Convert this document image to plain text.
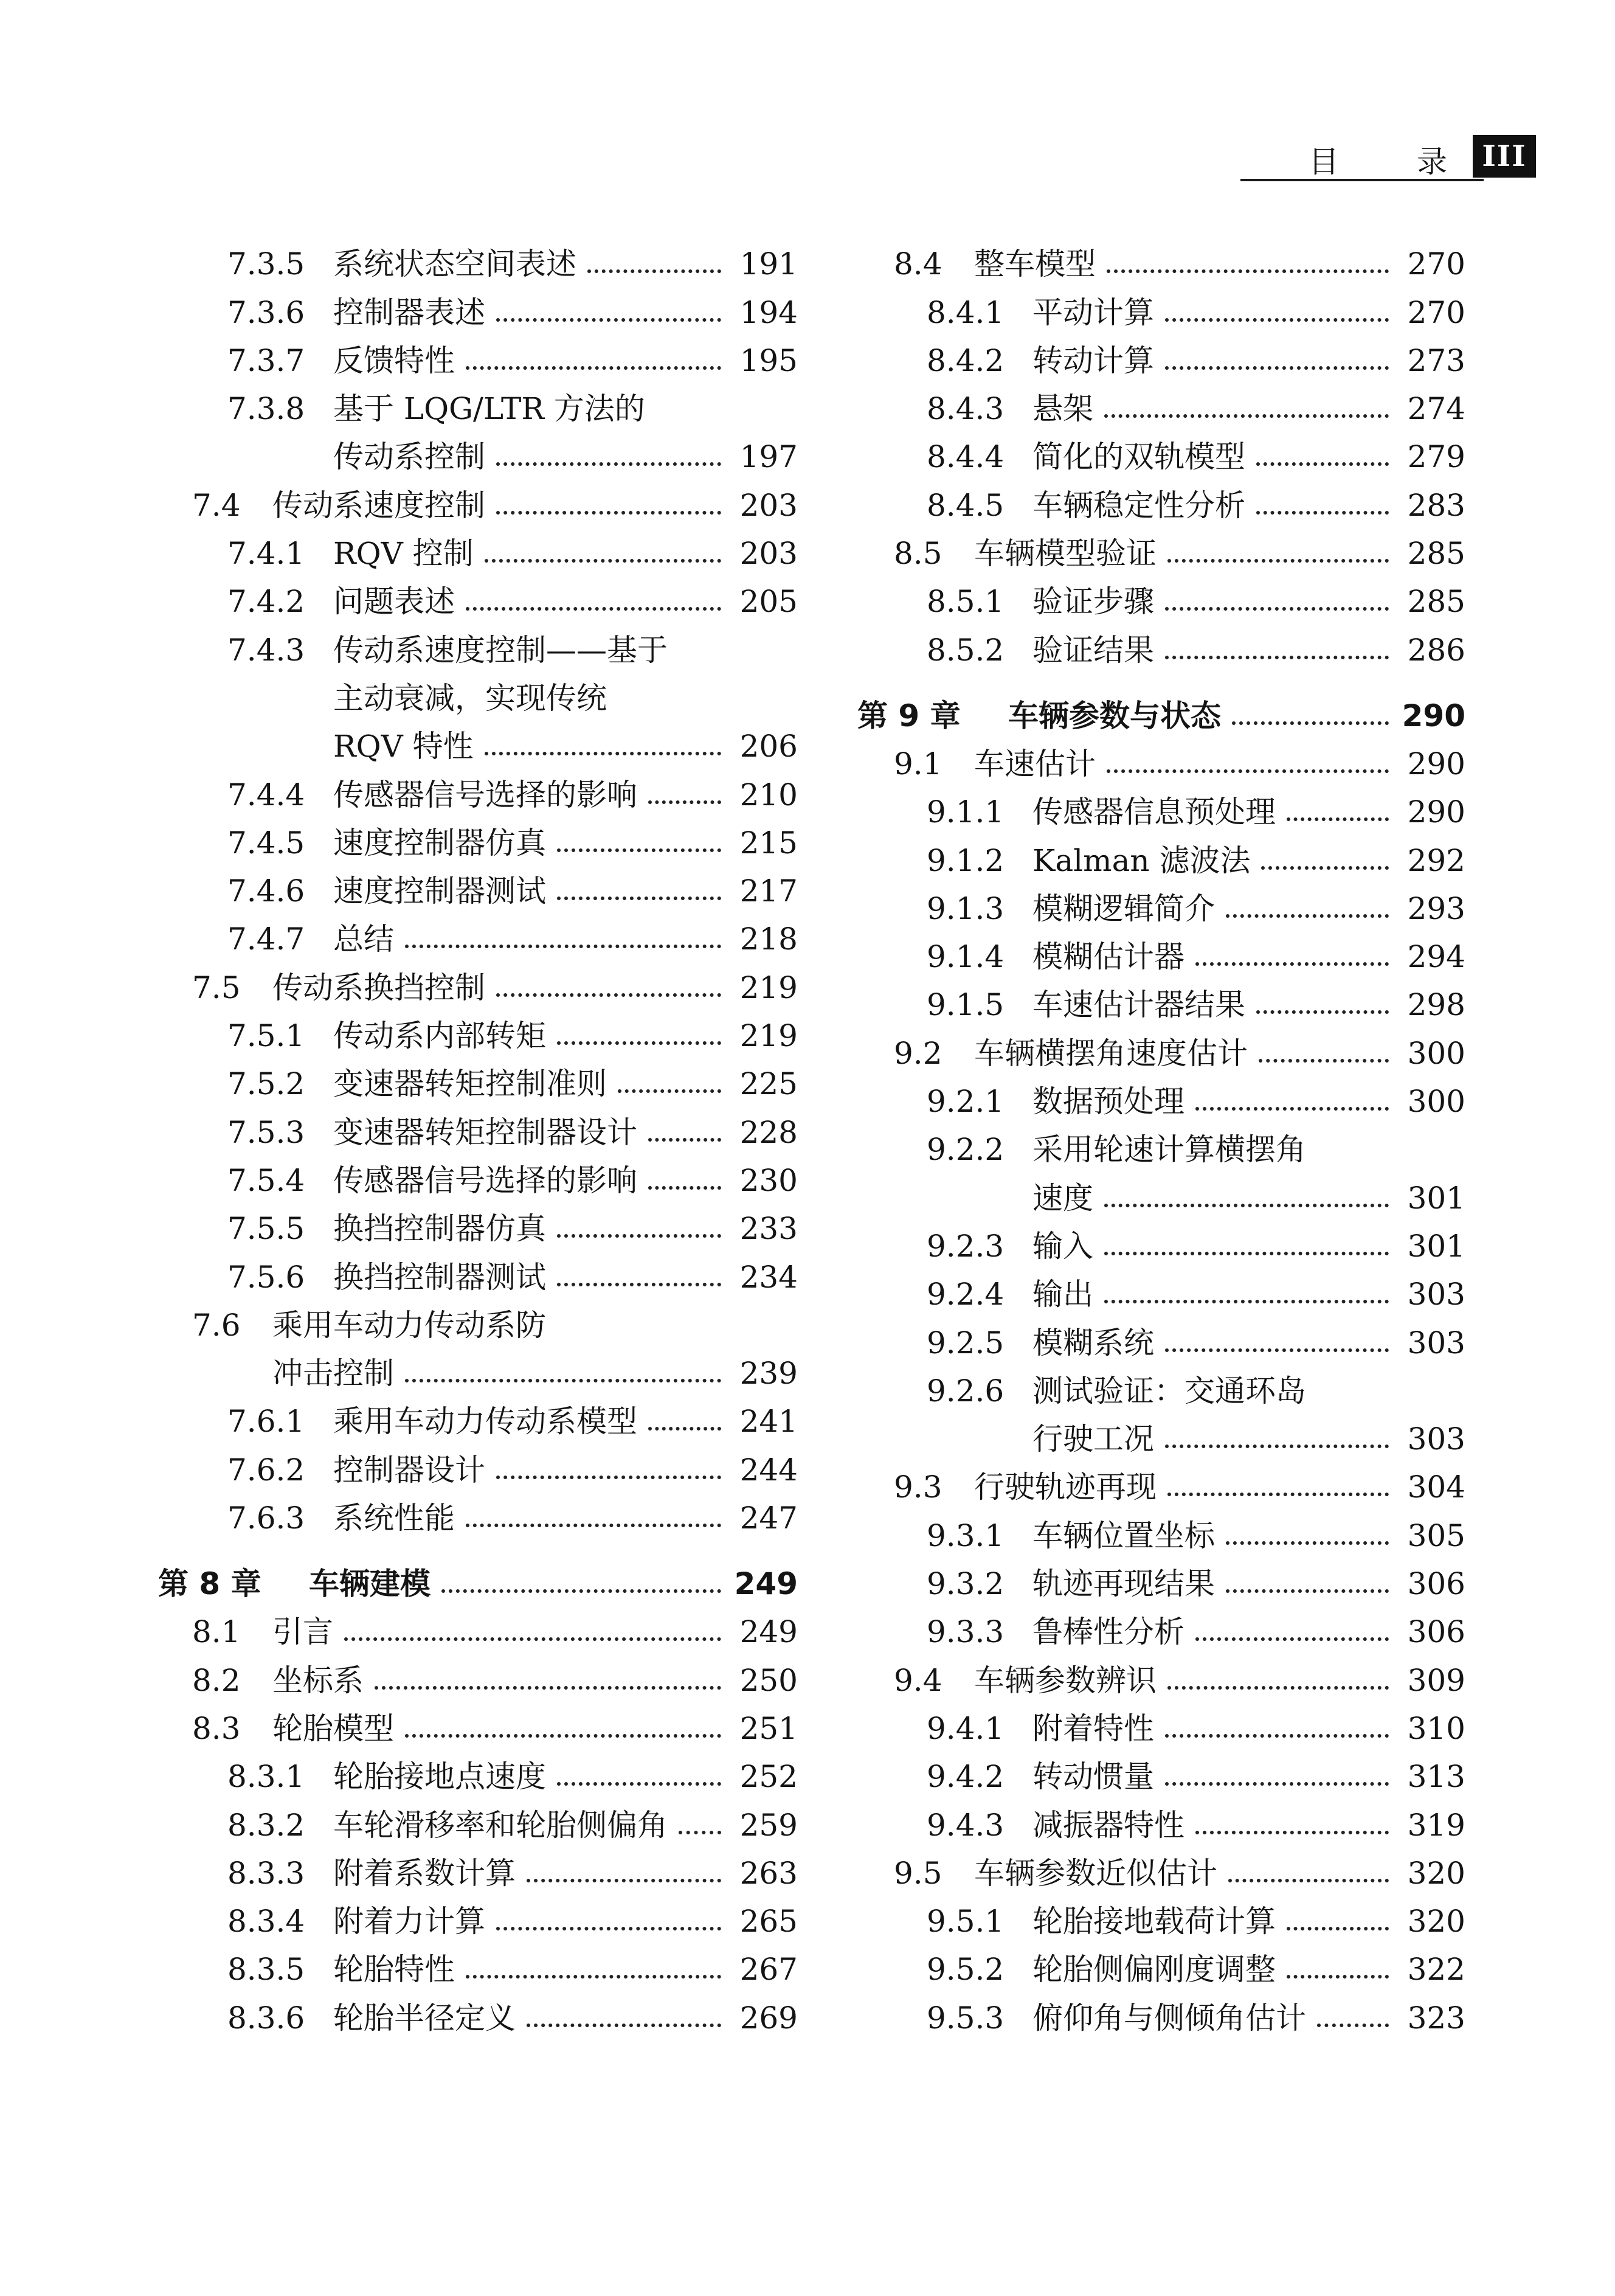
目	录	III
7.3.5 系统状态空间表述	191
7.3.6 控制器表述	194
7.3.7 反馈特性	195
7.3.8 基于 LQG/LTR 方法的
传动系控制	197
7.4	传动系速度控制	203
7.4.1 RQV 控制	203
7.4.2 问题表述	205
7.4.3 传动系速度控制——基于
主动衰减，实现传统
RQV 特性	206
7.4.4 传感器信号选择的影响	210
7.4.5 速度控制器仿真	215
7.4.6 速度控制器测试	217
7.4.7 总结	218
7.5	传动系换挡控制	219
7.5.1 传动系内部转矩	219
7.5.2 变速器转矩控制准则	225
7.5.3 变速器转矩控制器设计	228
7.5.4 传感器信号选择的影响	230
7.5.5 换挡控制器仿真	233
7.5.6 换挡控制器测试	234
7.6	乘用车动力传动系防
冲击控制	239
7.6.1 乘用车动力传动系模型	241
7.6.2 控制器设计	244
7.6.3 系统性能	247
第 8 章	车辆建模	249
8.1	引言	249
8.2	坐标系	250
8.3	轮胎模型	251
8.3.1 轮胎接地点速度	252
8.3.2 车轮滑移率和轮胎侧偏角 259
8.3.3 附着系数计算	263
8.3.4 附着力计算	265
8.3.5 轮胎特性	267
8.3.6 轮胎半径定义	269
8.4	整车模型	270
8.4.1 平动计算	270
8.4.2 转动计算	273
8.4.3 悬架	274
8.4.4 简化的双轨模型	279
8.4.5 车辆稳定性分析	283
8.5	车辆模型验证	285
8.5.1 验证步骤	285
8.5.2 验证结果	286
第 9 章	车辆参数与状态	290
9.1	车速估计	290
9.1.1 传感器信息预处理	290
9.1.2 Kalman 滤波法	292
9.1.3 模糊逻辑简介	293
9.1.4 模糊估计器	294
9.1.5 车速估计器结果	298
9.2	车辆横摆角速度估计	300
9.2.1 数据预处理	300
9.2.2 采用轮速计算横摆角
速度	301
9.2.3 输入	301
9.2.4 输出	303
9.2.5 模糊系统	303
9.2.6 测试验证：交通环岛
行驶工况	303
9.3	行驶轨迹再现	304
9.3.1 车辆位置坐标	305
9.3.2 轨迹再现结果	306
9.3.3 鲁棒性分析	306
9.4	车辆参数辨识	309
9.4.1 附着特性	310
9.4.2 转动惯量	313
9.4.3 减振器特性	319
9.5	车辆参数近似估计	320
9.5.1 轮胎接地载荷计算	320
9.5.2 轮胎侧偏刚度调整	322
9.5.3 俯仰角与侧倾角估计	323
